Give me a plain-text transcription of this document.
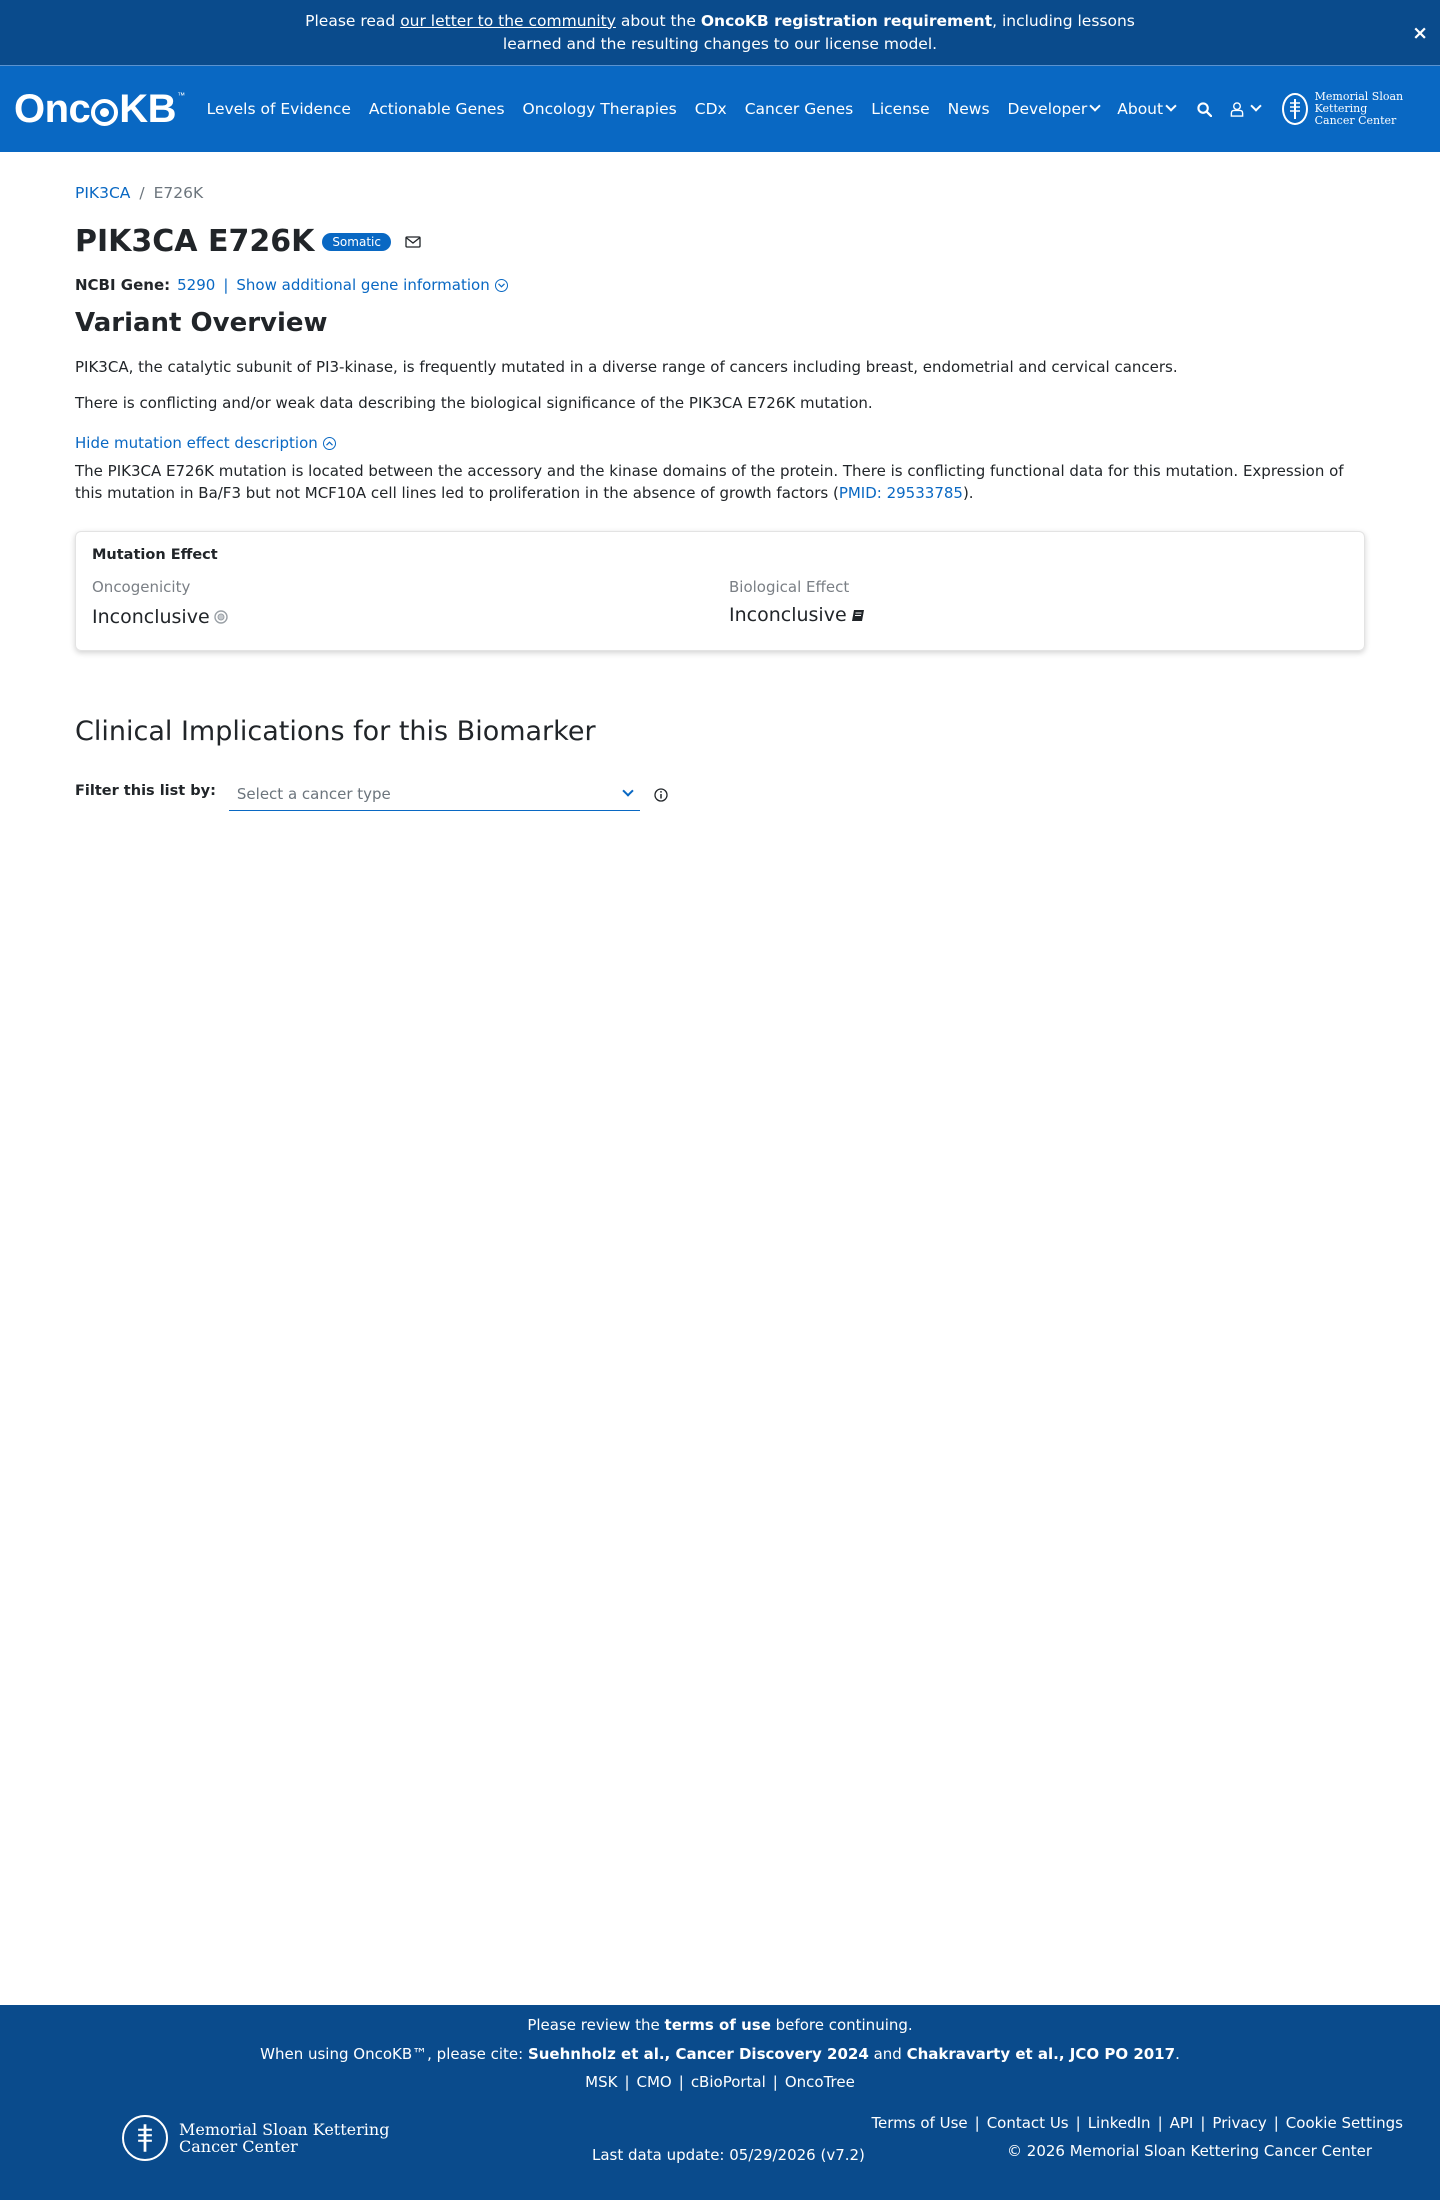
Please read our letter to the community about the OncoKB registration requirement, including lessons learned and the resulting changes to our license model.	×
Onc KB™
Levels of Evidence Actionable Genes Oncology Therapies CDx Cancer Genes License News Developer About
Memorial Sloan Kettering
Cancer Center
PIK3CA / E726K
PIK3CA E726K	Somatic
NCBI Gene: 5290 | Show additional gene information
Variant Overview

PIK3CA, the catalytic subunit of PI3-kinase, is frequently mutated in a diverse range of cancers including breast, endometrial and cervical cancers.

There is conflicting and/or weak data describing the biological significance of the PIK3CA E726K mutation.

Hide mutation effect description

The PIK3CA E726K mutation is located between the accessory and the kinase domains of the protein. There is conflicting functional data for this mutation. Expression of this mutation in Ba/F3 but not MCF10A cell lines led to proliferation in the absence of growth factors (PMID: 29533785).

Mutation Effect
Oncogenicity
Inconclusive
Biological Effect
Inconclusive
Clinical Implications for this Biomarker
Filter this list by: Select a cancer type
Please review the terms of use before continuing.
When using OncoKB™, please cite: Suehnholz et al., Cancer Discovery 2024 and Chakravarty et al., JCO PO 2017.
MSK | CMO | cBioPortal | OncoTree
Memorial Sloan Kettering
Cancer Center	Last data update: 05/29/2026 (v7.2)
Terms of Use | Contact Us | LinkedIn | API | Privacy | Cookie Settings
© 2026 Memorial Sloan Kettering Cancer Center
